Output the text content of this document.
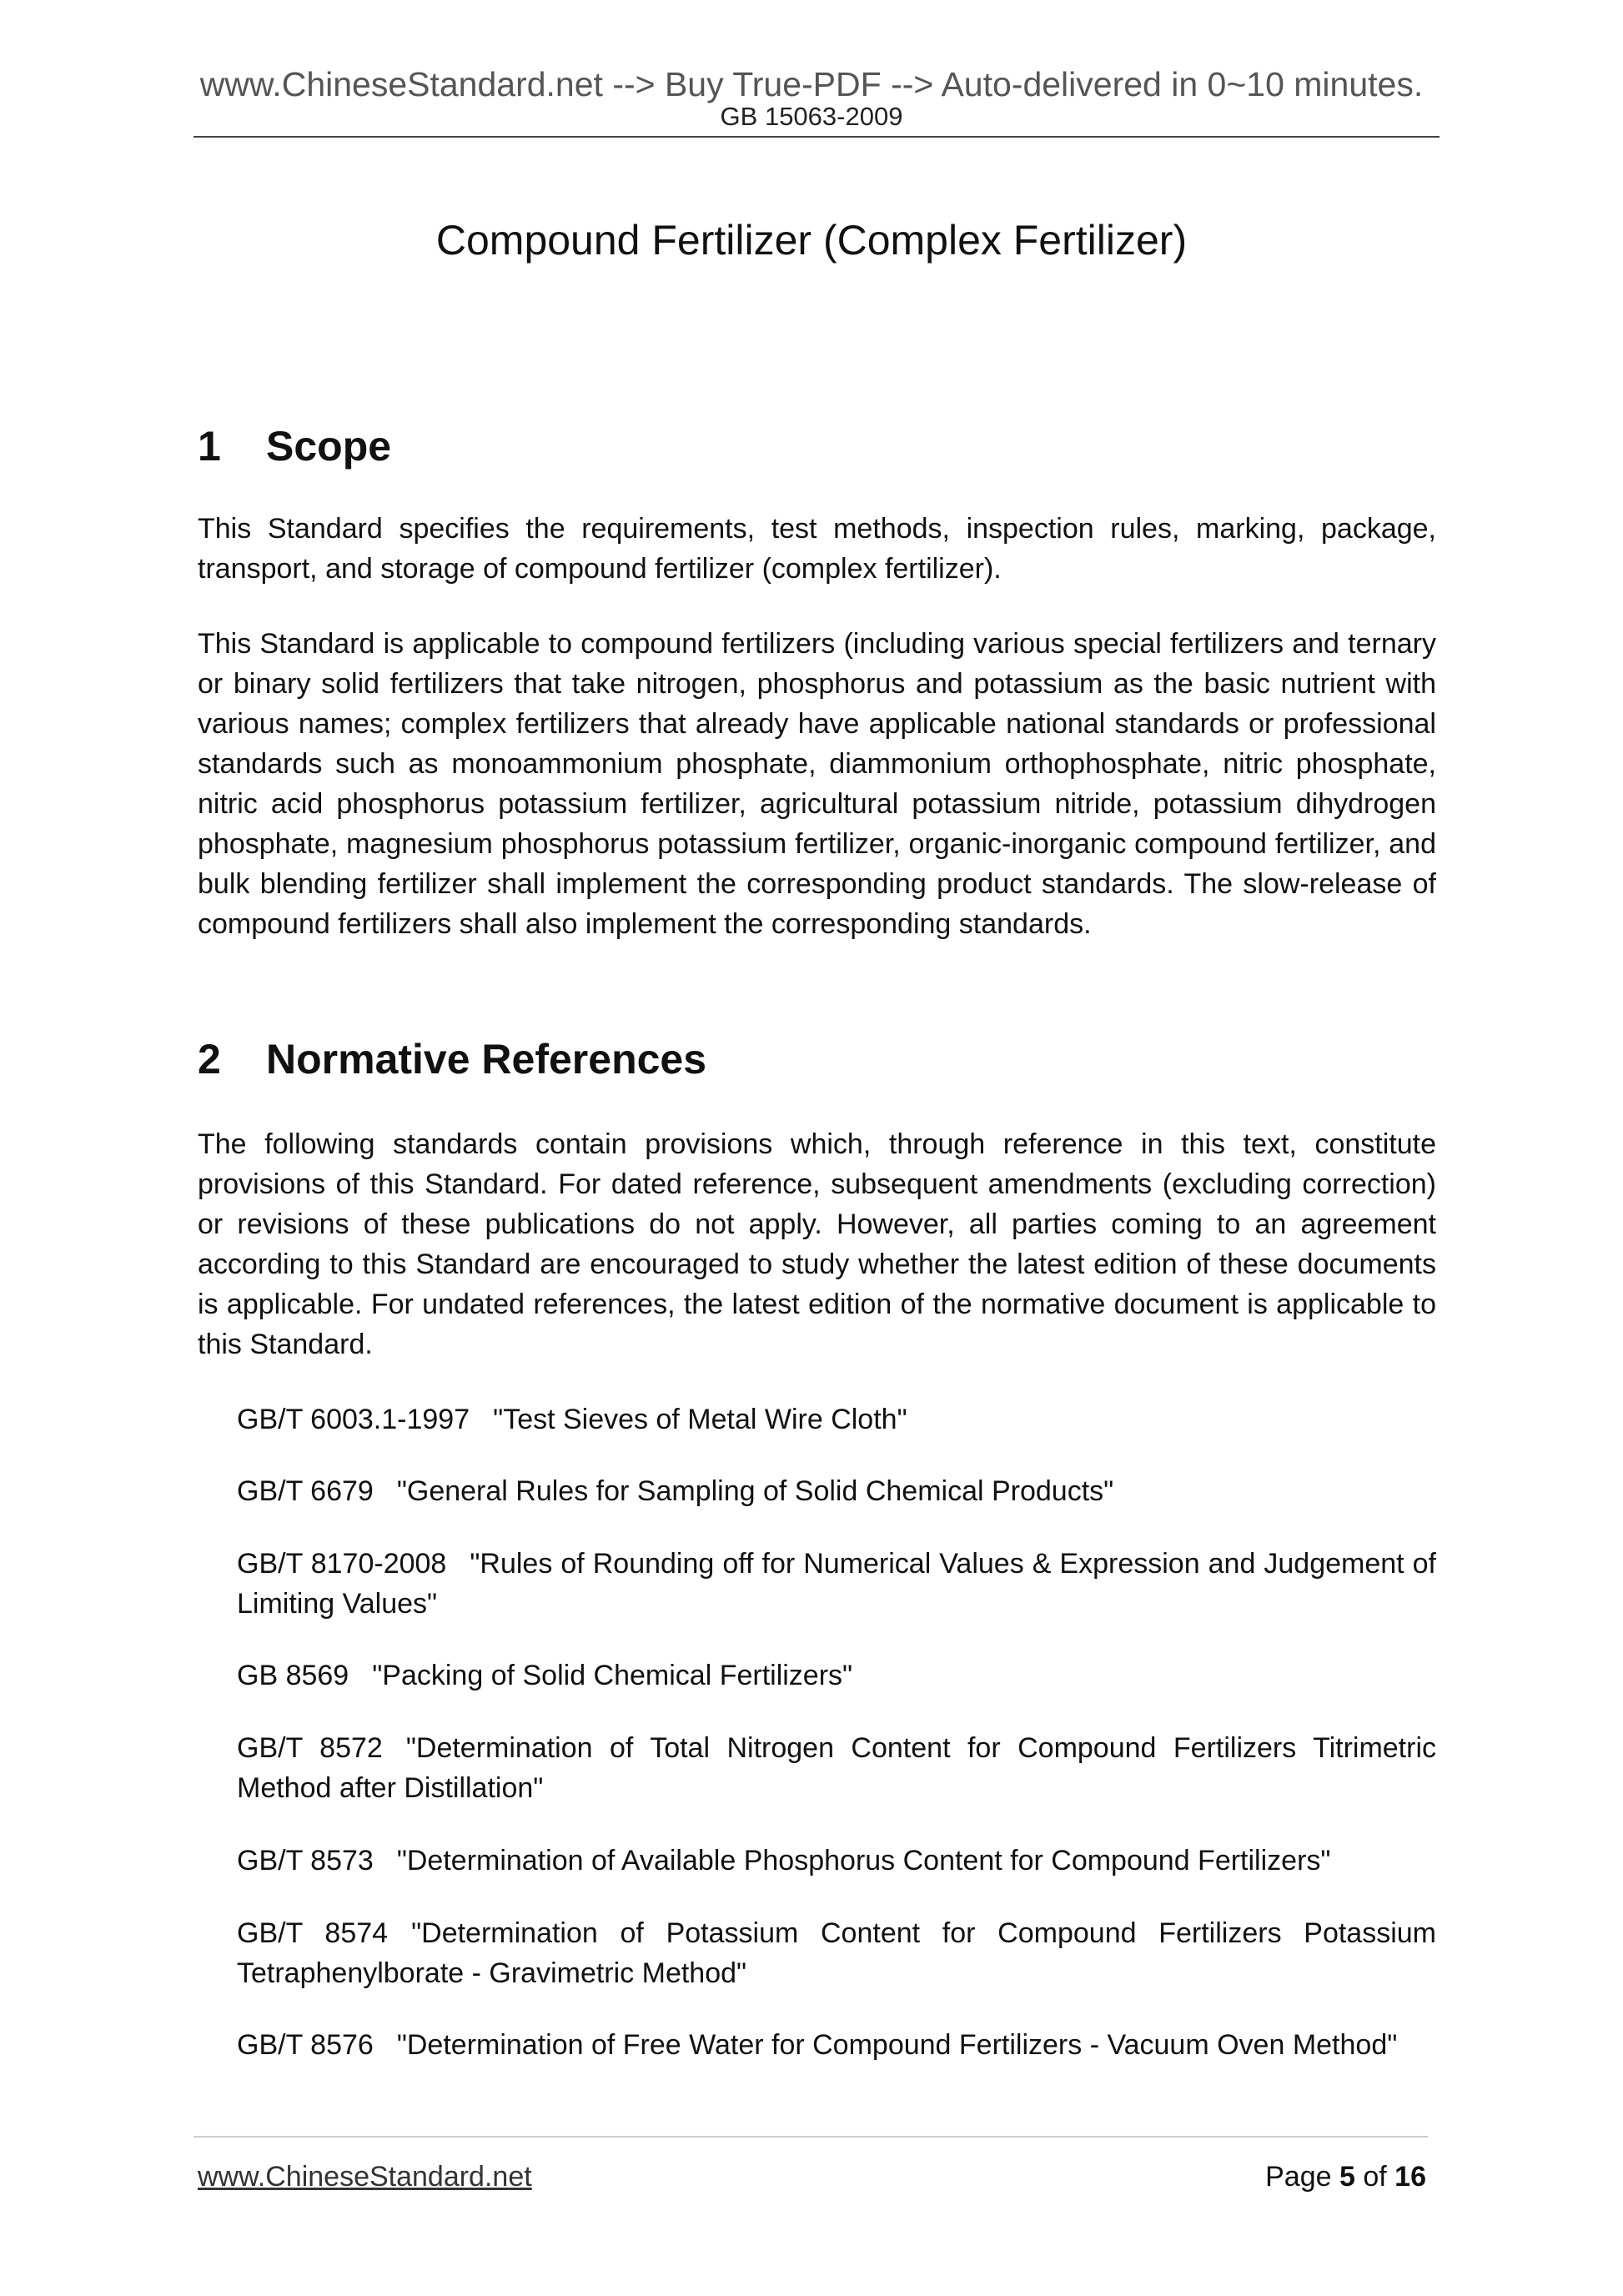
www.ChineseStandard.net --> Buy True-PDF --> Auto-delivered in 0~10 minutes.
GB 15063-2009
Compound Fertilizer (Complex Fertilizer)
1 Scope

This Standard specifies the requirements, test methods, inspection rules, marking, package, transport, and storage of compound fertilizer (complex fertilizer).

This Standard is applicable to compound fertilizers (including various special fertilizers and ternary or binary solid fertilizers that take nitrogen, phosphorus and potassium as the basic nutrient with various names; complex fertilizers that already have applicable national standards or professional standards such as monoammonium phosphate, diammonium orthophosphate, nitric phosphate, nitric acid phosphorus potassium fertilizer, agricultural potassium nitride, potassium dihydrogen phosphate, magnesium phosphorus potassium fertilizer, organic-inorganic compound fertilizer, and bulk blending fertilizer shall implement the corresponding product standards. The slow-release of compound fertilizers shall also implement the corresponding standards.

2 Normative References

The following standards contain provisions which, through reference in this text, constitute provisions of this Standard. For dated reference, subsequent amendments (excluding correction) or revisions of these publications do not apply. However, all parties coming to an agreement according to this Standard are encouraged to study whether the latest edition of these documents is applicable. For undated references, the latest edition of the normative document is applicable to this Standard.

GB/T 6003.1-1997 "Test Sieves of Metal Wire Cloth"

GB/T 6679 "General Rules for Sampling of Solid Chemical Products"

GB/T 8170-2008 "Rules of Rounding off for Numerical Values & Expression and Judgement of Limiting Values"

GB 8569 "Packing of Solid Chemical Fertilizers"

GB/T 8572 "Determination of Total Nitrogen Content for Compound Fertilizers Titrimetric Method after Distillation"

GB/T 8573 "Determination of Available Phosphorus Content for Compound Fertilizers"

GB/T 8574 "Determination of Potassium Content for Compound Fertilizers Potassium Tetraphenylborate - Gravimetric Method"

GB/T 8576 "Determination of Free Water for Compound Fertilizers - Vacuum Oven Method"

www.ChineseStandard.net	Page 5 of 16
